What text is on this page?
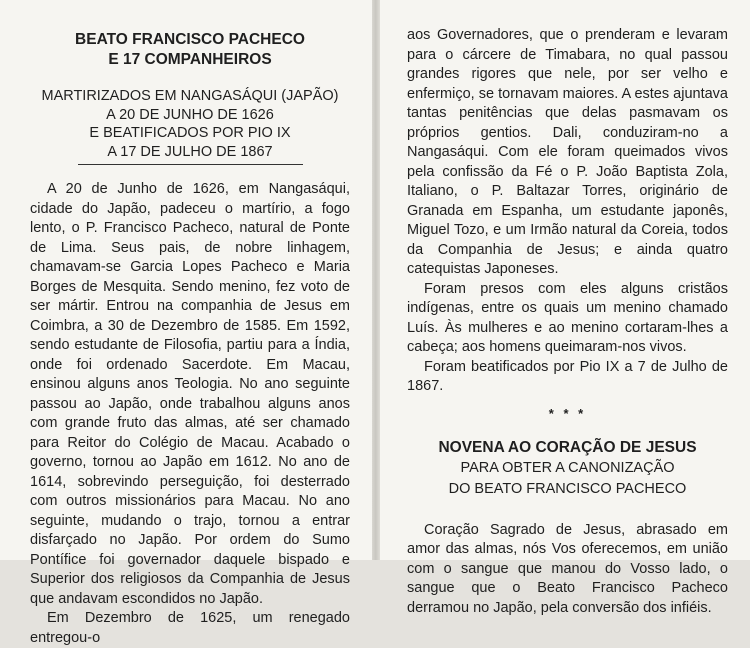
BEATO FRANCISCO PACHECO
E 17 COMPANHEIROS

MARTIRIZADOS EM NANGASÁQUI (JAPÃO)

A 20 DE JUNHO DE 1626

E BEATIFICADOS POR PIO IX

A 17 DE JULHO DE 1867

A 20 de Junho de 1626, em Nangasáqui, cidade do Japão, padeceu o martírio, a fogo lento, o P. Francisco Pacheco, natural de Ponte de Lima. Seus pais, de nobre linhagem, chamavam-se Garcia Lopes Pacheco e Maria Borges de Mesquita. Sendo menino, fez voto de ser mártir. Entrou na companhia de Jesus em Coimbra, a 30 de Dezembro de 1585. Em 1592, sendo estudante de Filosofia, partiu para a Índia, onde foi ordenado Sacerdote. Em Macau, ensinou alguns anos Teologia. No ano seguinte passou ao Japão, onde trabalhou alguns anos com grande fruto das almas, até ser chamado para Reitor do Colégio de Macau. Acabado o governo, tornou ao Japão em 1612. No ano de 1614, sobrevindo perseguição, foi desterrado com outros missionários para Macau. No ano seguinte, mudando o trajo, tornou a entrar disfarçado no Japão. Por ordem do Sumo Pontífice foi governador daquele bispado e Superior dos religiosos da Companhia de Jesus que andavam escondidos no Japão.

Em Dezembro de 1625, um renegado entregou-o

aos Governadores, que o prenderam e levaram para o cárcere de Timabara, no qual passou grandes rigores que nele, por ser velho e enfermiço, se tornavam maiores. A estes ajuntava tantas penitências que delas pasmavam os próprios gentios. Dali, conduziram-no a Nangasáqui. Com ele foram queimados vivos pela confissão da Fé o P. João Baptista Zola, Italiano, o P. Baltazar Torres, originário de Granada em Espanha, um estudante japonês, Miguel Tozo, e um Irmão natural da Coreia, todos da Companhia de Jesus; e ainda quatro catequistas Japoneses.

Foram presos com eles alguns cristãos indígenas, entre os quais um menino chamado Luís. Às mulheres e ao menino cortaram-lhes a cabeça; aos homens queimaram-nos vivos.

Foram beatificados por Pio IX a 7 de Julho de 1867.

* * *
NOVENA AO CORAÇÃO DE JESUS

PARA OBTER A CANONIZAÇÃO

DO BEATO FRANCISCO PACHECO

Coração Sagrado de Jesus, abrasado em amor das almas, nós Vos oferecemos, em união com o sangue que manou do Vosso lado, o sangue que o Beato Francisco Pacheco derramou no Japão, pela conversão dos infiéis.
